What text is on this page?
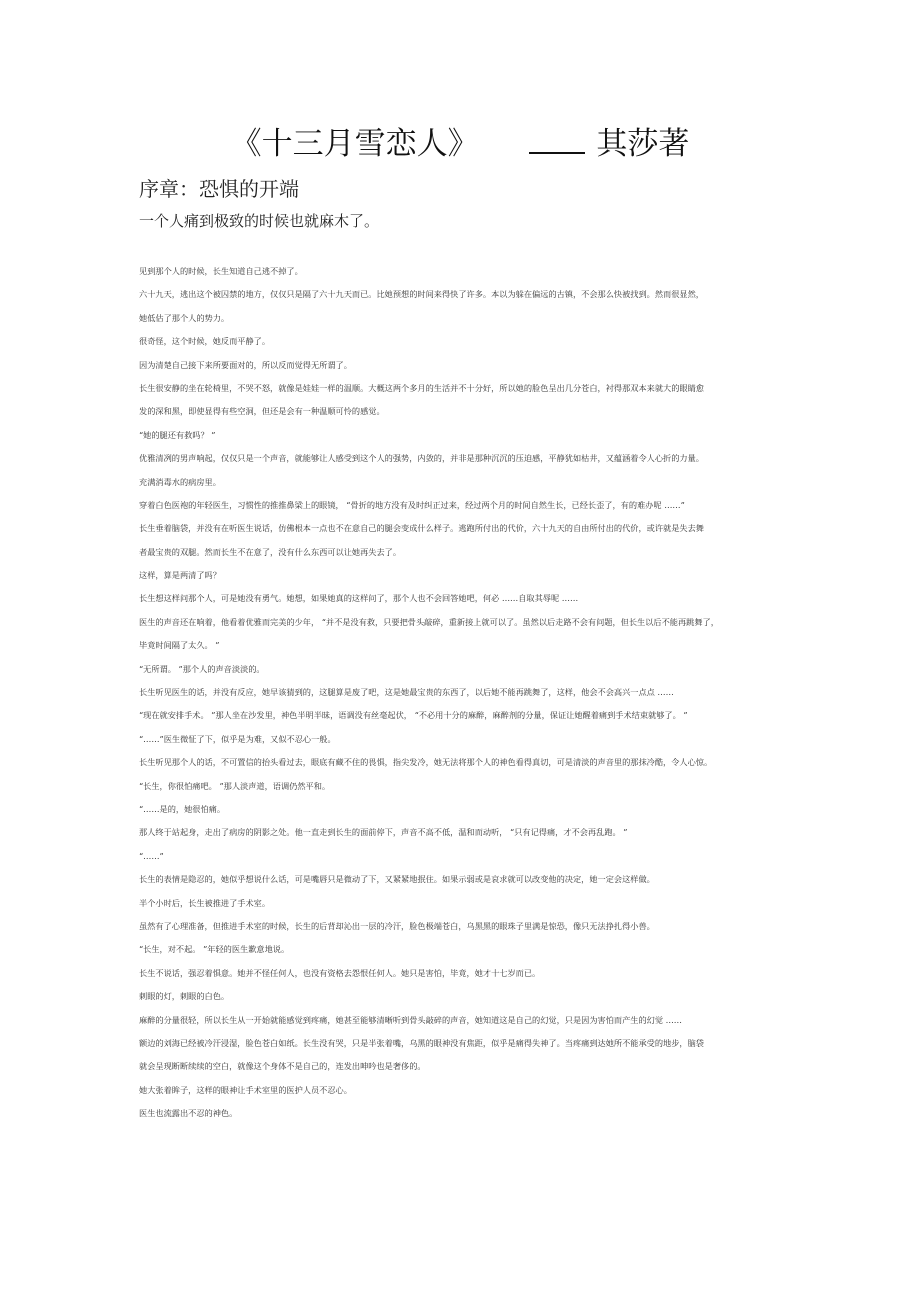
《十三月雪恋人》	其莎著
序章：恐惧的开端
一个人痛到极致的时候也就麻木了。
见到那个人的时候，长生知道自己逃不掉了。
六十九天，逃出这个被囚禁的地方，仅仅只是隔了六十九天而已。比她预想的时间来得快了许多。本以为躲在偏远的古镇，不会那么快被找到。然而很显然，
她低估了那个人的势力。
很奇怪，这个时候，她反而平静了。
因为清楚自己接下来所要面对的，所以反而觉得无所谓了。
长生很安静的坐在轮椅里，不哭不怒，就像是娃娃一样的温顺。大概这两个多月的生活并不十分好，所以她的脸色呈出几分苍白，衬得那双本来就大的眼睛愈
发的深和黑，即使显得有些空洞，但还是会有一种温顺可怜的感觉。
“她的腿还有救吗？ ”
优雅清冽的男声响起，仅仅只是一个声音，就能够让人感受到这个人的强势，内敛的，并非是那种沉沉的压迫感，平静犹如枯井，又蕴涵着令人心折的力量。
充满消毒水的病房里。
穿着白色医袍的年轻医生，习惯性的推推鼻梁上的眼镜， “骨折的地方没有及时纠正过来，经过两个月的时间自然生长，已经长歪了，有的难办呢 ……”
长生垂着脑袋，并没有在听医生说话，仿佛根本一点也不在意自己的腿会变成什么样子。逃跑所付出的代价，六十九天的自由所付出的代价，或许就是失去舞
者最宝贵的双腿。然而长生不在意了，没有什么东西可以让她再失去了。
这样，算是两清了吗？
长生想这样问那个人，可是她没有勇气。她想，如果她真的这样问了，那个人也不会回答她吧，何必 ……自取其辱呢 ……
医生的声音还在响着，他看着优雅而完美的少年， “并不是没有救，只要把骨头敲碎，重新接上就可以了。虽然以后走路不会有问题，但长生以后不能再跳舞了，
毕竟时间隔了太久。 ”
“无所谓。 ”那个人的声音淡淡的。
长生听见医生的话，并没有反应，她早该猜到的，这腿算是废了吧，这是她最宝贵的东西了，以后她不能再跳舞了，这样，他会不会高兴一点点 ……
“现在就安排手术。 ”那人坐在沙发里，神色半明半昧，语调没有丝毫起伏， “不必用十分的麻醉，麻醉剂的分量，保证让她醒着痛到手术结束就够了。 ”
“……”医生微怔了下，似乎是为难，又似不忍心一般。
长生听见那个人的话，不可置信的抬头看过去，眼底有藏不住的畏惧，指尖发冷，她无法将那个人的神色看得真切，可是清淡的声音里的那抹冷酷，令人心惊。
“长生，你很怕痛吧。 ”那人淡声道，语调仍然平和。
“……是的，她很怕痛。
那人终于站起身，走出了病房的阴影之处。他一直走到长生的面前停下，声音不高不低，温和而动听， “只有记得痛，才不会再乱跑。 ”
“……”
长生的表情是隐忍的，她似乎想说什么话，可是嘴唇只是微动了下，又紧紧地抿住。如果示弱或是哀求就可以改变他的决定，她一定会这样做。
半个小时后，长生被推进了手术室。
虽然有了心理准备，但推进手术室的时候，长生的后背却沁出一层的冷汗，脸色极端苍白，乌黑黑的眼珠子里满是惊恐，像只无法挣扎得小兽。
“长生，对不起。 ”年轻的医生歉意地说。
长生不说话，强忍着惧意。她并不怪任何人，也没有资格去怨恨任何人。她只是害怕，毕竟，她才十七岁而已。
刺眼的灯，刺眼的白色。
麻醉的分量很轻，所以长生从一开始就能感觉到疼痛，她甚至能够清晰听到骨头敲碎的声音，她知道这是自己的幻觉，只是因为害怕而产生的幻觉 ……
额边的刘海已经被冷汗浸湿，脸色苍白如纸。长生没有哭，只是半张着嘴，乌黑的眼神没有焦距，似乎是痛得失神了。当疼痛到达她所不能承受的地步，脑袋
就会呈现断断续续的空白，就像这个身体不是自己的，连发出呻吟也是奢侈的。
她大张着眸子，这样的眼神让手术室里的医护人员不忍心。
医生也流露出不忍的神色。
